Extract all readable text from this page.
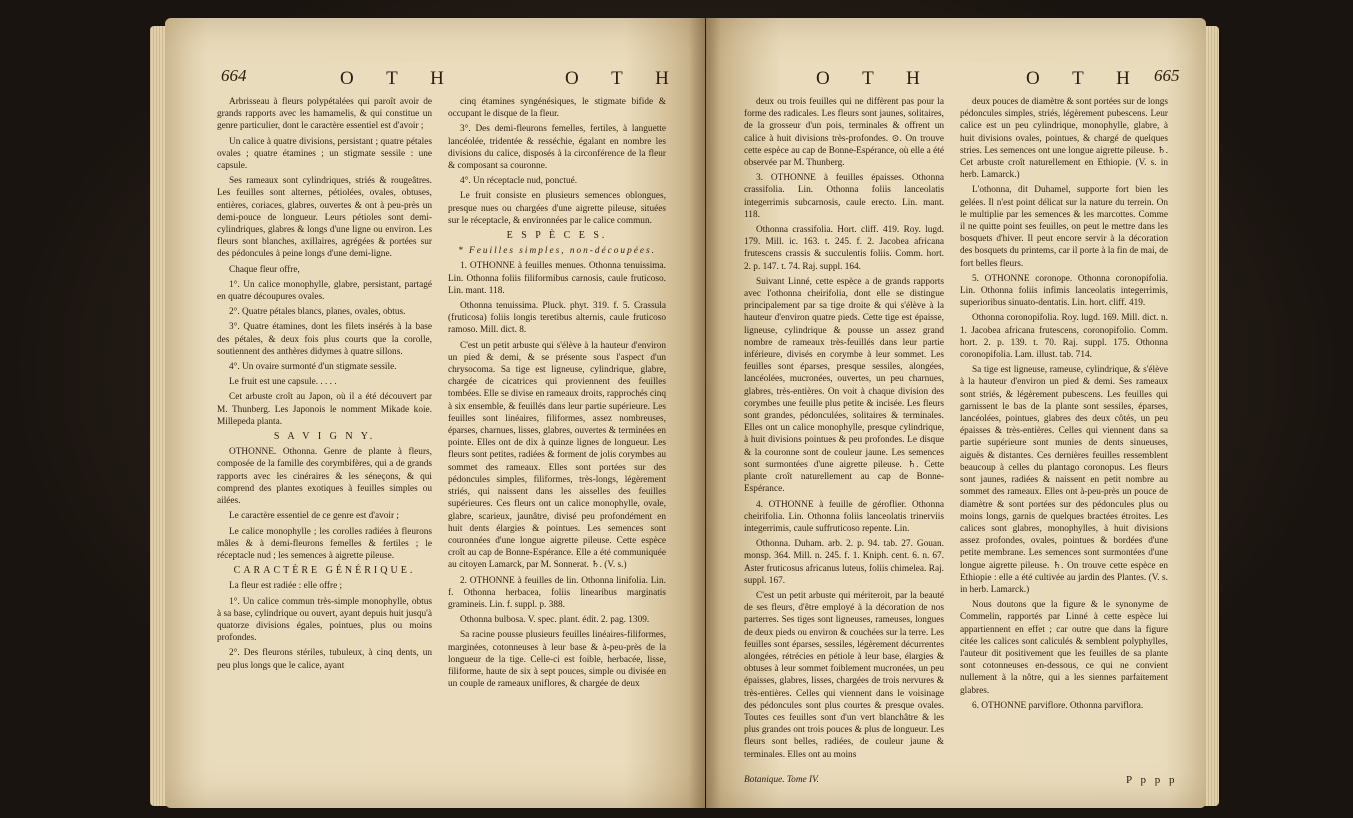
664	O T H	O T H

Arbrisseau à fleurs polypétalées qui paroît avoir de grands rapports avec les hamamelis, & qui constitue un genre particulier, dont le caractère essentiel est d'avoir ;

Un calice à quatre divisions, persistant ; quatre pétales ovales ; quatre étamines ; un stigmate sessile : une capsule.

Ses rameaux sont cylindriques, striés & rougeâtres. Les feuilles sont alternes, pétiolées, ovales, obtuses, entières, coriaces, glabres, ouvertes & ont à peu-près un demi-pouce de longueur. Leurs pétioles sont demi-cylindriques, glabres & longs d'une ligne ou environ. Les fleurs sont blanches, axillaires, agrégées & portées sur des pédoncules à peine longs d'une demi-ligne.

Chaque fleur offre,

1°. Un calice monophylle, glabre, persistant, partagé en quatre découpures ovales.

2°. Quatre pétales blancs, planes, ovales, obtus.

3°. Quatre étamines, dont les filets insérés à la base des pétales, & deux fois plus courts que la corolle, soutiennent des anthères didymes à quatre sillons.

4°. Un ovaire surmonté d'un stigmate sessile.

Le fruit est une capsule. . . . .

Cet arbuste croît au Japon, où il a été découvert par M. Thunberg. Les Japonois le nomment Mikade koie. Millepeda planta.

S A V I G N Y.

OTHONNE. Othonna. Genre de plante à fleurs, composée de la famille des corymbifères, qui a de grands rapports avec les cinéraires & les séneçons, & qui comprend des plantes exotiques à feuilles simples ou ailées.

Le caractère essentiel de ce genre est d'avoir ;

Le calice monophylle ; les corolles radiées à fleurons mâles & à demi-fleurons femelles & fertiles ; le réceptacle nud ; les semences à aigrette pileuse.

CARACTÈRE GÉNÉRIQUE.

La fleur est radiée : elle offre ;

1°. Un calice commun très-simple monophylle, obtus à sa base, cylindrique ou ouvert, ayant depuis huit jusqu'à quatorze divisions égales, pointues, plus ou moins profondes.

2°. Des fleurons stériles, tubuleux, à cinq dents, un peu plus longs que le calice, ayant

cinq étamines syngénésiques, le stigmate bifide & occupant le disque de la fleur.

3°. Des demi-fleurons femelles, fertiles, à languette lancéolée, tridentée & resséchie, égalant en nombre les divisions du calice, disposés à la circonférence de la fleur & composant sa couronne.

4°. Un réceptacle nud, ponctué.

Le fruit consiste en plusieurs semences oblongues, presque nues ou chargées d'une aigrette pileuse, situées sur le réceptacle, & environnées par le calice commun.

E S P È C E S.

* Feuilles simples, non-découpées.

1. OTHONNE à feuilles menues. Othonna tenuissima. Lin. Othonna foliis filiformibus carnosis, caule fruticoso. Lin. mant. 118.

Othonna tenuissima. Pluck. phyt. 319. f. 5. Crassula (fruticosa) foliis longis teretibus alternis, caule fruticoso ramoso. Mill. dict. 8.

C'est un petit arbuste qui s'élève à la hauteur d'environ un pied & demi, & se présente sous l'aspect d'un chrysocoma. Sa tige est ligneuse, cylindrique, glabre, chargée de cicatrices qui proviennent des feuilles tombées. Elle se divise en rameaux droits, rapprochés cinq à six ensemble, & feuillés dans leur partie supérieure. Les feuilles sont linéaires, filiformes, assez nombreuses, éparses, charnues, lisses, glabres, ouvertes & terminées en pointe. Elles ont de dix à quinze lignes de longueur. Les fleurs sont petites, radiées & forment de jolis corymbes au sommet des rameaux. Elles sont portées sur des pédoncules simples, filiformes, très-longs, légèrement striés, qui naissent dans les aisselles des feuilles supérieures. Ces fleurs ont un calice monophylle, ovale, glabre, scarieux, jaunâtre, divisé peu profondément en huit dents élargies & pointues. Les semences sont couronnées d'une longue aigrette pileuse. Cette espèce croît au cap de Bonne-Espérance. Elle a été communiquée au citoyen Lamarck, par M. Sonnerat. ♄. (V. s.)

2. OTHONNE à feuilles de lin. Othonna linifolia. Lin. f. Othonna herbacea, foliis linearibus marginatis gramineis. Lin. f. suppl. p. 388.

Othonna bulbosa. V. spec. plant. édit. 2. pag. 1309.

Sa racine pousse plusieurs feuilles linéaires-filiformes, marginées, cotonneuses à leur base & à-peu-près de la longueur de la tige. Celle-ci est foible, herbacée, lisse, filiforme, haute de six à sept pouces, simple ou divisée en un couple de rameaux uniflores, & chargée de deux

O T H	O T H 665

deux ou trois feuilles qui ne diffèrent pas pour la forme des radicales. Les fleurs sont jaunes, solitaires, de la grosseur d'un pois, terminales & offrent un calice à huit divisions très-profondes. ⊙. On trouve cette espèce au cap de Bonne-Espérance, où elle a été observée par M. Thunberg.

3. OTHONNE à feuilles épaisses. Othonna crassifolia. Lin. Othonna foliis lanceolatis integerrimis subcarnosis, caule erecto. Lin. mant. 118.

Othonna crassifolia. Hort. cliff. 419. Roy. lugd. 179. Mill. ic. 163. t. 245. f. 2. Jacobea africana frutescens crassis & succulentis foliis. Comm. hort. 2. p. 147. t. 74. Raj. suppl. 164.

Suivant Linné, cette espèce a de grands rapports avec l'othonna cheirifolia, dont elle se distingue principalement par sa tige droite & qui s'élève à la hauteur d'environ quatre pieds. Cette tige est épaisse, ligneuse, cylindrique & pousse un assez grand nombre de rameaux très-feuillés dans leur partie inférieure, divisés en corymbe à leur sommet. Les feuilles sont éparses, presque sessiles, alongées, lancéolées, mucronées, ouvertes, un peu charnues, glabres, très-entières. On voit à chaque division des corymbes une feuille plus petite & incisée. Les fleurs sont grandes, pédonculées, solitaires & terminales. Elles ont un calice monophylle, presque cylindrique, à huit divisions pointues & peu profondes. Le disque & la couronne sont de couleur jaune. Les semences sont surmontées d'une aigrette pileuse. ♄. Cette plante croît naturellement au cap de Bonne-Espérance.

4. OTHONNE à feuille de géroflier. Othonna cheirifolia. Lin. Othonna foliis lanceolatis trinerviis integerrimis, caule suffruticoso repente. Lin.

Othonna. Duham. arb. 2. p. 94. tab. 27. Gouan. monsp. 364. Mill. n. 245. f. 1. Kniph. cent. 6. n. 67. Aster fruticosus africanus luteus, foliis chimelea. Raj. suppl. 167.

C'est un petit arbuste qui mériteroit, par la beauté de ses fleurs, d'être employé à la décoration de nos parterres. Ses tiges sont ligneuses, rameuses, longues de deux pieds ou environ & couchées sur la terre. Les feuilles sont éparses, sessiles, légèrement décurrentes alongées, rétrécies en pétiole à leur base, élargies & obtuses à leur sommet foiblement mucronées, un peu épaisses, glabres, lisses, chargées de trois nervures & très-entières. Celles qui viennent dans le voisinage des pédoncules sont plus courtes & presque ovales. Toutes ces feuilles sont d'un vert blanchâtre & les plus grandes ont trois pouces & plus de longueur. Les fleurs sont belles, radiées, de couleur jaune & terminales. Elles ont au moins

deux pouces de diamètre & sont portées sur de longs pédoncules simples, striés, légèrement pubescens. Leur calice est un peu cylindrique, monophylle, glabre, à huit divisions ovales, pointues, & chargé de quelques stries. Les semences ont une longue aigrette pileuse. ♄. Cet arbuste croît naturellement en Ethiopie. (V. s. in herb. Lamarck.)

L'othonna, dit Duhamel, supporte fort bien les gelées. Il n'est point délicat sur la nature du terrein. On le multiplie par les semences & les marcottes. Comme il ne quitte point ses feuilles, on peut le mettre dans les bosquets d'hiver. Il peut encore servir à la décoration des bosquets du printems, car il porte à la fin de mai, de fort belles fleurs.

5. OTHONNE coronope. Othonna coronopifolia. Lin. Othonna foliis infimis lanceolatis integerrimis, superioribus sinuato-dentatis. Lin. hort. cliff. 419.

Othonna coronopifolia. Roy. lugd. 169. Mill. dict. n. 1. Jacobea africana frutescens, coronopifolio. Comm. hort. 2. p. 139. t. 70. Raj. suppl. 175. Othonna coronopifolia. Lam. illust. tab. 714.

Sa tige est ligneuse, rameuse, cylindrique, & s'élève à la hauteur d'environ un pied & demi. Ses rameaux sont striés, & légèrement pubescens. Les feuilles qui garnissent le bas de la plante sont sessiles, éparses, lancéolées, pointues, glabres des deux côtés, un peu épaisses & très-entières. Celles qui viennent dans sa partie supérieure sont munies de dents sinueuses, aiguës & distantes. Ces dernières feuilles ressemblent beaucoup à celles du plantago coronopus. Les fleurs sont jaunes, radiées & naissent en petit nombre au sommet des rameaux. Elles ont à-peu-près un pouce de diamètre & sont portées sur des pédoncules plus ou moins longs, garnis de quelques bractées étroites. Les calices sont glabres, monophylles, à huit divisions assez profondes, ovales, pointues & bordées d'une petite membrane. Les semences sont surmontées d'une longue aigrette pileuse. ♄. On trouve cette espèce en Ethiopie : elle a été cultivée au jardin des Plantes. (V. s. in herb. Lamarck.)

Nous doutons que la figure & le synonyme de Commelin, rapportés par Linné à cette espèce lui appartiennent en effet ; car outre que dans la figure citée les calices sont caliculés & semblent polyphylles, l'auteur dit positivement que les feuilles de sa plante sont cotonneuses en-dessous, ce qui ne convient nullement à la nôtre, qui a les siennes parfaitement glabres.

6. OTHONNE parviflore. Othonna parviflora.

Botanique. Tome IV.	P p p p
